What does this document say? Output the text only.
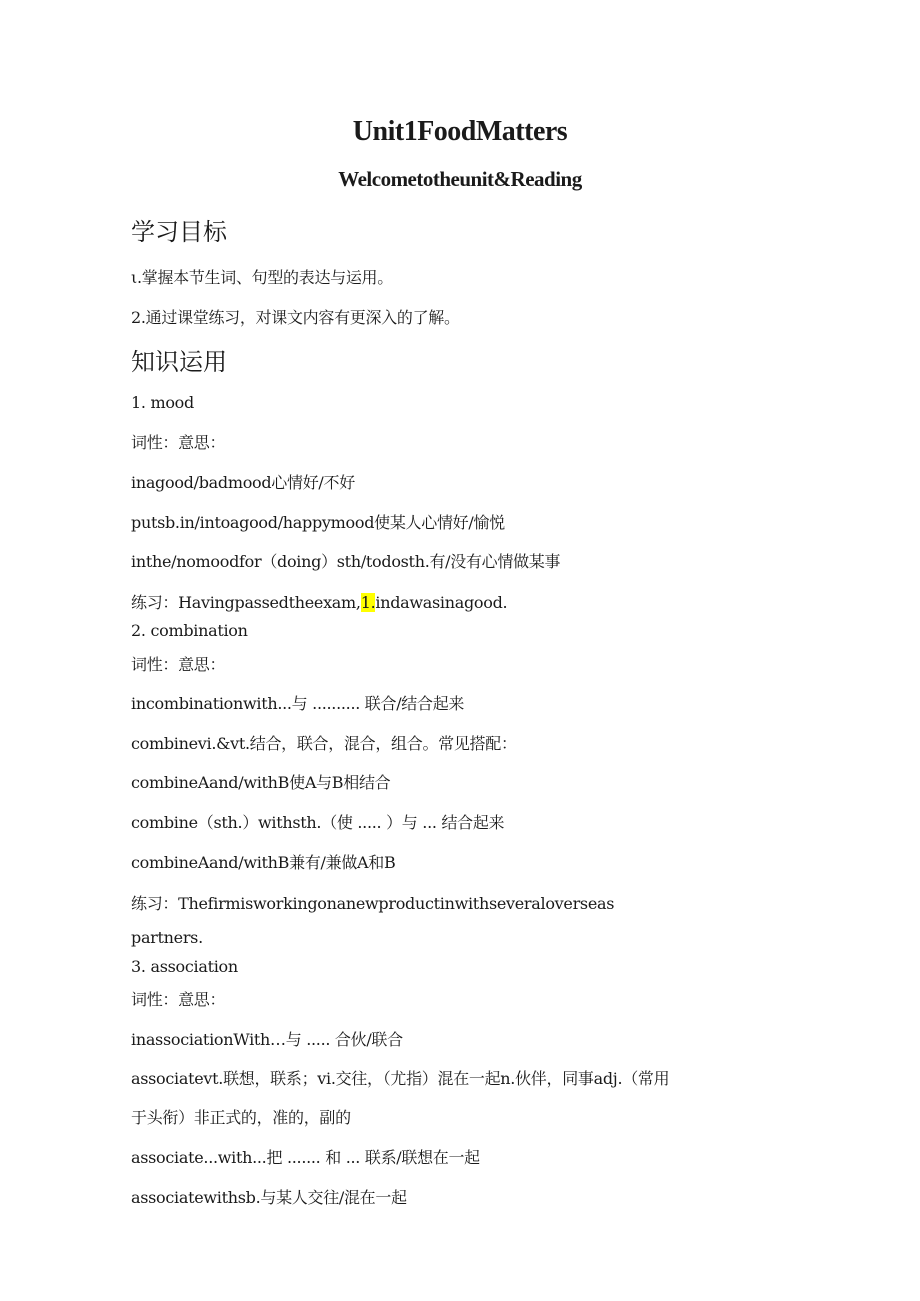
Unit1FoodMatters
Welcometotheunit&Reading
学习目标
ι.掌握本节生词、句型的表达与运用。
2.通过课堂练习，对课文内容有更深入的了解。
知识运用
1. mood
词性：意思：
inagood/badmood心情好/不好
putsb.in/intoagood/happymood使某人心情好/愉悦
inthe/nomoodfor（doing）sth∕todosth.有/没有心情做某事
练习：Havingpassedtheexam,1.indawasinagood.
2. combination
词性：意思：
incombinationwith...与 .......... 联合/结合起来
combinevi.&vt.结合，联合，混合，组合。常见搭配：
combineAand/withB使A与B相结合
combine（sth.）withsth.（使 ..... ）与 ... 结合起来
combineAand/withB兼有/兼做A和B
练习：Thefirmisworkingonanewproductinwithseveraloverseas
partners.
3. association
词性：意思：
inassociationWith…与 ..... 合伙/联合
associatevt.联想，联系；vi.交往，（尤指）混在一起n.伙伴，同事adj.（常用
于头衔）非正式的，准的，副的
associate...with...把 ....... 和 ... 联系/联想在一起
associatewithsb.与某人交往/混在一起
